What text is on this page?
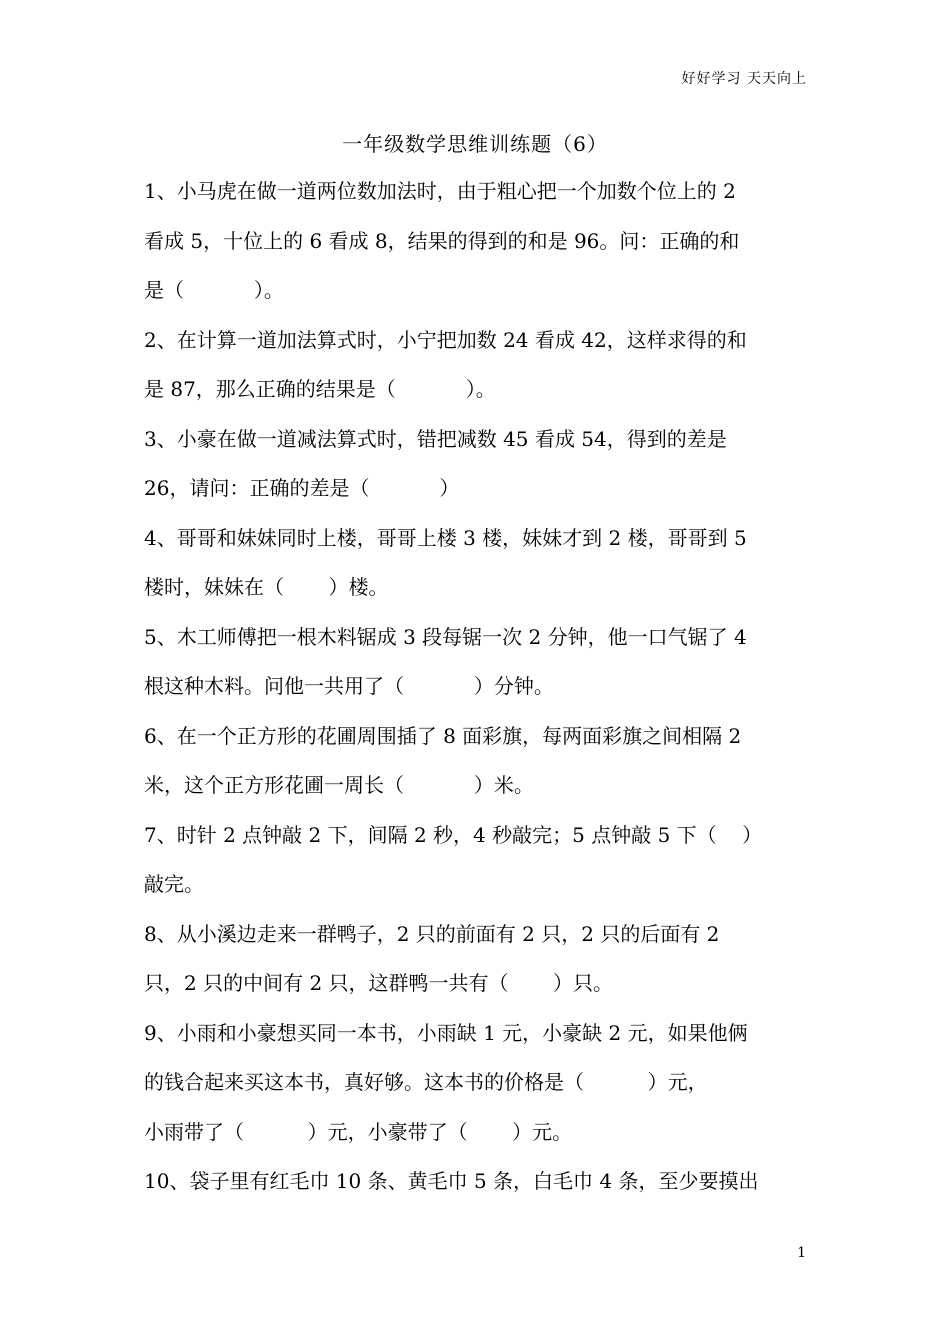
好好学习 天天向上
一年级数学思维训练题（6）
1、小马虎在做一道两位数加法时，由于粗心把一个加数个位上的 2
看成 5，十位上的 6 看成 8，结果的得到的和是 96。问：正确的和
是（           ）。
2、在计算一道加法算式时，小宁把加数 24 看成 42，这样求得的和
是 87，那么正确的结果是（           ）。
3、小豪在做一道减法算式时，错把减数 45 看成 54，得到的差是
26，请问：正确的差是（           ）
4、哥哥和妹妹同时上楼，哥哥上楼 3 楼，妹妹才到 2 楼，哥哥到 5
楼时，妹妹在（       ）楼。
5、木工师傅把一根木料锯成 3 段每锯一次 2 分钟，他一口气锯了 4
根这种木料。问他一共用了（           ）分钟。
6、在一个正方形的花圃周围插了 8 面彩旗，每两面彩旗之间相隔 2
米，这个正方形花圃一周长（           ）米。
7、时针 2 点钟敲 2 下，间隔 2 秒，4 秒敲完；5 点钟敲 5 下（    ）
敲完。
8、从小溪边走来一群鸭子，2 只的前面有 2 只，2 只的后面有 2
只，2 只的中间有 2 只，这群鸭一共有（       ）只。
9、小雨和小豪想买同一本书，小雨缺 1 元，小豪缺 2 元，如果他俩
的钱合起来买这本书，真好够。这本书的价格是（          ）元，
小雨带了（          ）元，小豪带了（       ）元。
10、袋子里有红毛巾 10 条、黄毛巾 5 条，白毛巾 4 条，至少要摸出
1
